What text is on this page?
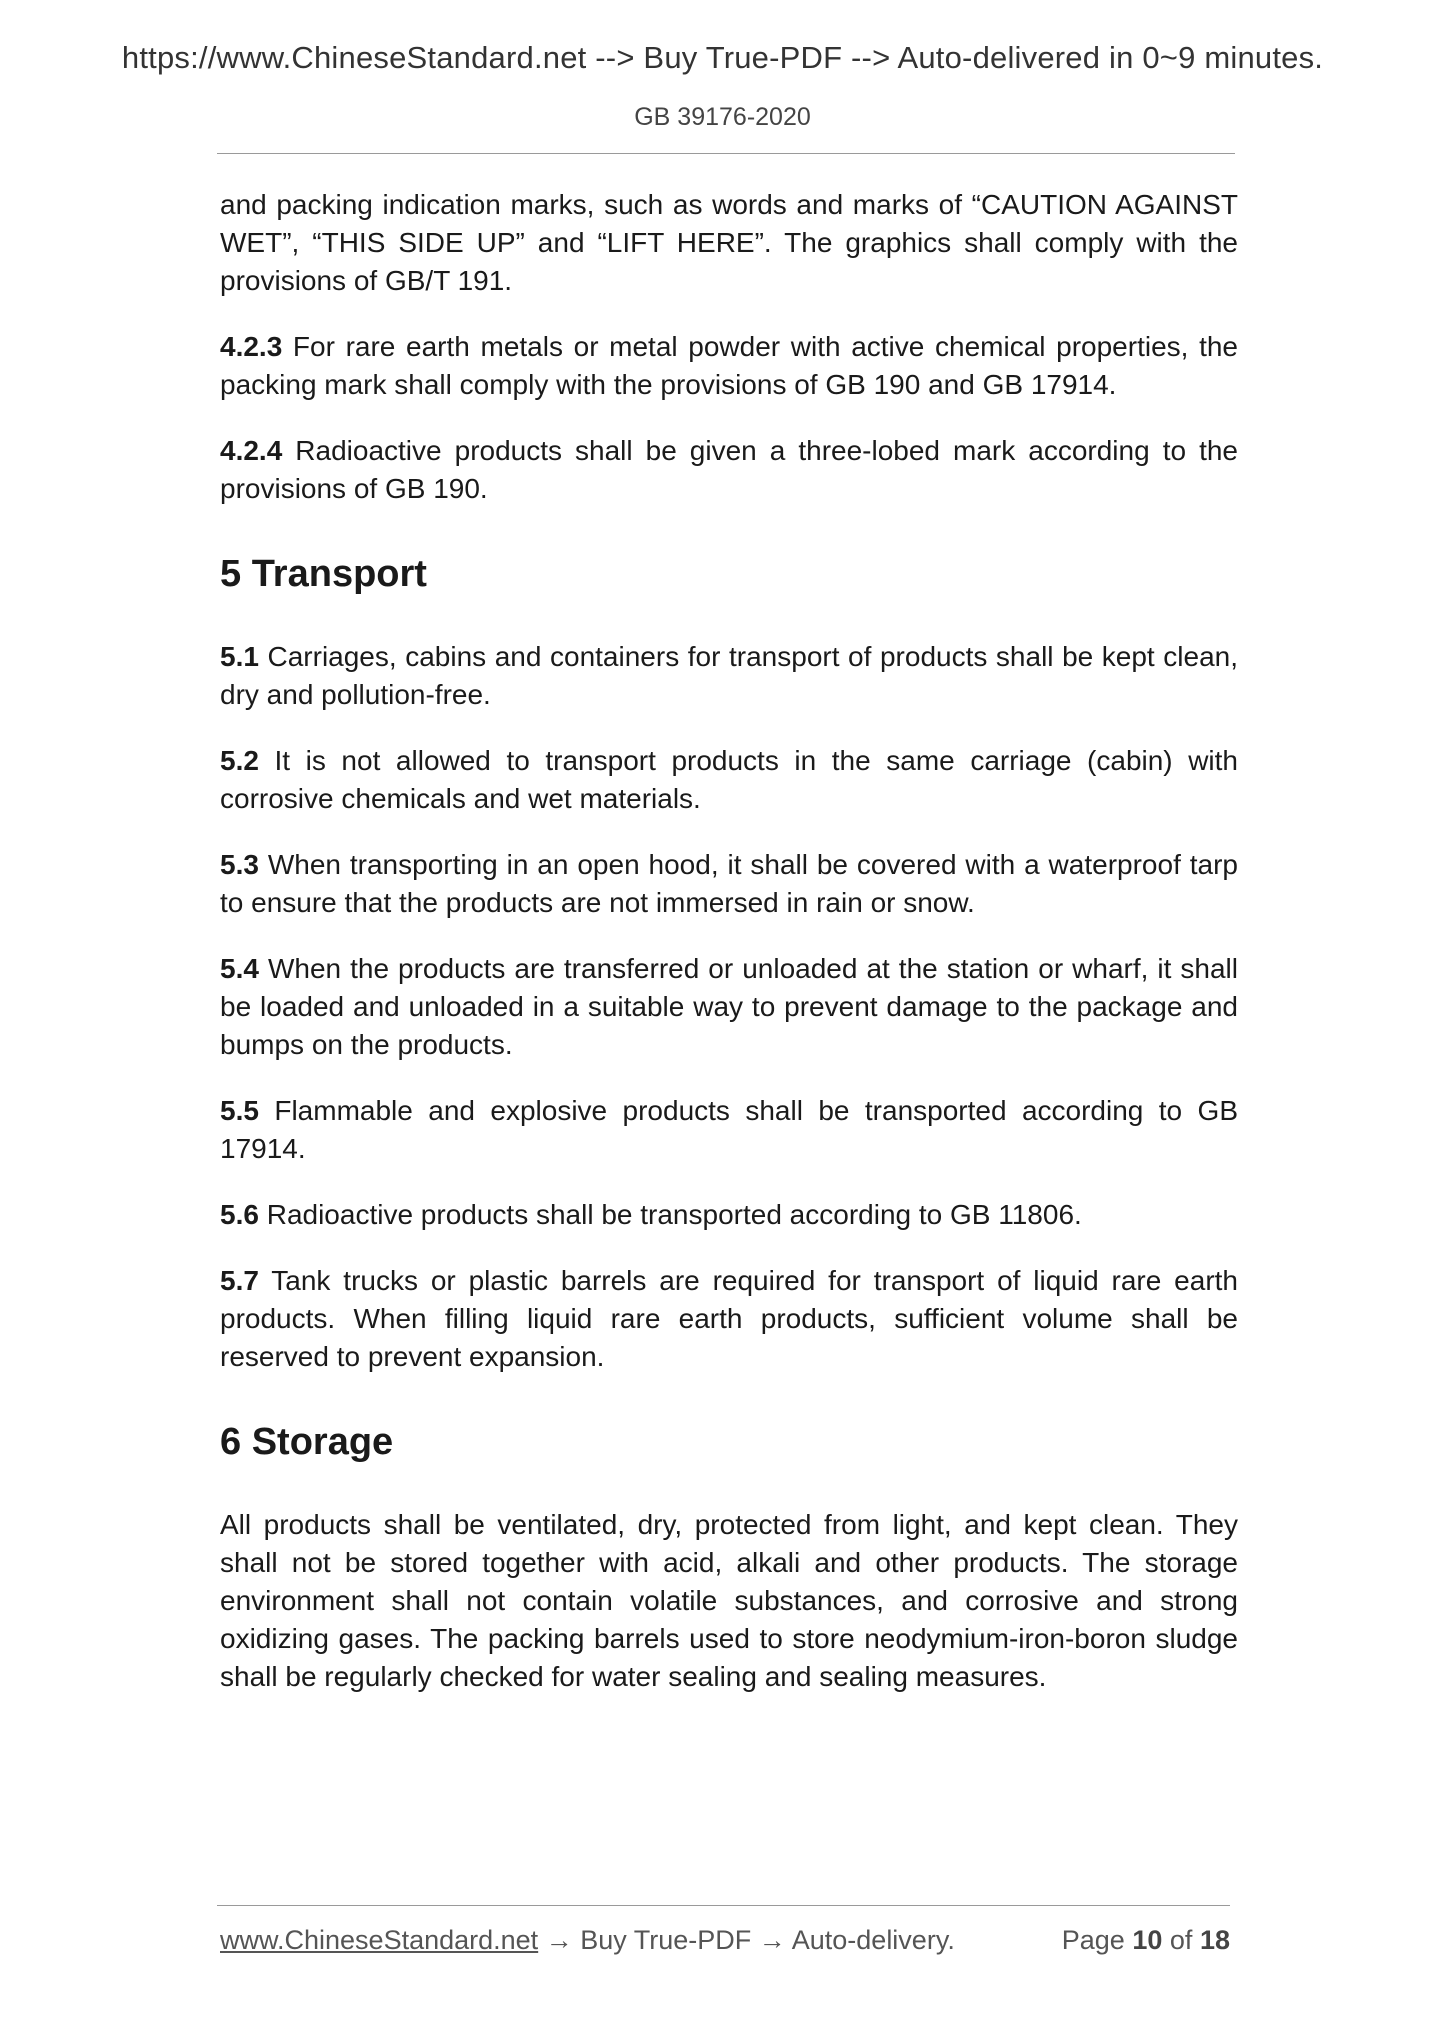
https://www.ChineseStandard.net --> Buy True-PDF --> Auto-delivered in 0~9 minutes.
GB 39176-2020

and packing indication marks, such as words and marks of “CAUTION AGAINST WET”, “THIS SIDE UP” and “LIFT HERE”. The graphics shall comply with the provisions of GB/T 191.

4.2.3 For rare earth metals or metal powder with active chemical properties, the packing mark shall comply with the provisions of GB 190 and GB 17914.

4.2.4 Radioactive products shall be given a three-lobed mark according to the provisions of GB 190.

5 Transport

5.1 Carriages, cabins and containers for transport of products shall be kept clean, dry and pollution-free.

5.2 It is not allowed to transport products in the same carriage (cabin) with corrosive chemicals and wet materials.

5.3 When transporting in an open hood, it shall be covered with a waterproof tarp to ensure that the products are not immersed in rain or snow.

5.4 When the products are transferred or unloaded at the station or wharf, it shall be loaded and unloaded in a suitable way to prevent damage to the package and bumps on the products.

5.5 Flammable and explosive products shall be transported according to GB 17914.

5.6 Radioactive products shall be transported according to GB 11806.

5.7 Tank trucks or plastic barrels are required for transport of liquid rare earth products. When filling liquid rare earth products, sufficient volume shall be reserved to prevent expansion.

6 Storage

All products shall be ventilated, dry, protected from light, and kept clean. They shall not be stored together with acid, alkali and other products. The storage environment shall not contain volatile substances, and corrosive and strong oxidizing gases. The packing barrels used to store neodymium-iron-boron sludge shall be regularly checked for water sealing and sealing measures.

www.ChineseStandard.net → Buy True-PDF → Auto-delivery.	Page 10 of 18
